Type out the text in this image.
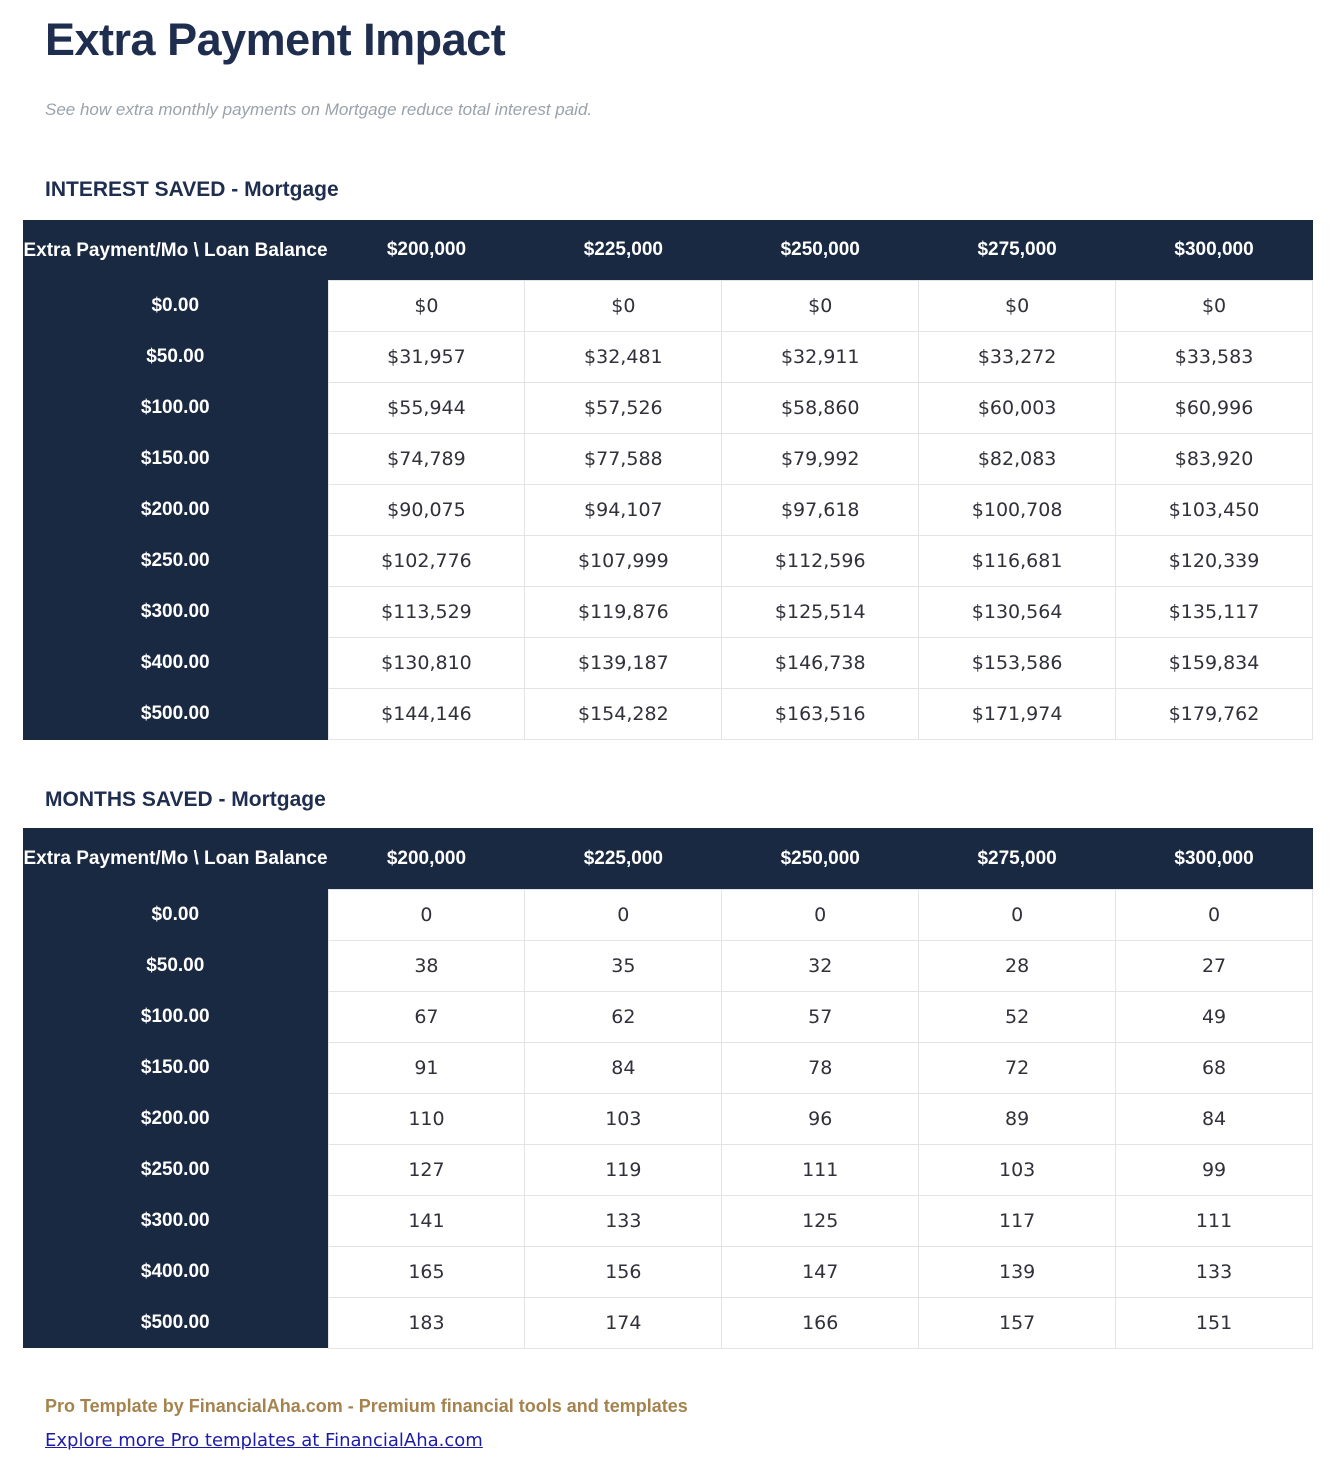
Extra Payment Impact
See how extra monthly payments on Mortgage reduce total interest paid.
INTEREST SAVED - Mortgage
Extra Payment/Mo \ Loan Balance	$200,000	$225,000	$250,000	$275,000	$300,000
$0.00	$0	$0	$0	$0	$0
$50.00	$31,957	$32,481	$32,911	$33,272	$33,583
$100.00	$55,944	$57,526	$58,860	$60,003	$60,996
$150.00	$74,789	$77,588	$79,992	$82,083	$83,920
$200.00	$90,075	$94,107	$97,618	$100,708	$103,450
$250.00	$102,776	$107,999	$112,596	$116,681	$120,339
$300.00	$113,529	$119,876	$125,514	$130,564	$135,117
$400.00	$130,810	$139,187	$146,738	$153,586	$159,834
$500.00	$144,146	$154,282	$163,516	$171,974	$179,762
MONTHS SAVED - Mortgage
Extra Payment/Mo \ Loan Balance	$200,000	$225,000	$250,000	$275,000	$300,000
$0.00	0	0	0	0	0
$50.00	38	35	32	28	27
$100.00	67	62	57	52	49
$150.00	91	84	78	72	68
$200.00	110	103	96	89	84
$250.00	127	119	111	103	99
$300.00	141	133	125	117	111
$400.00	165	156	147	139	133
$500.00	183	174	166	157	151
Pro Template by FinancialAha.com - Premium financial tools and templates
Explore more Pro templates at FinancialAha.com
